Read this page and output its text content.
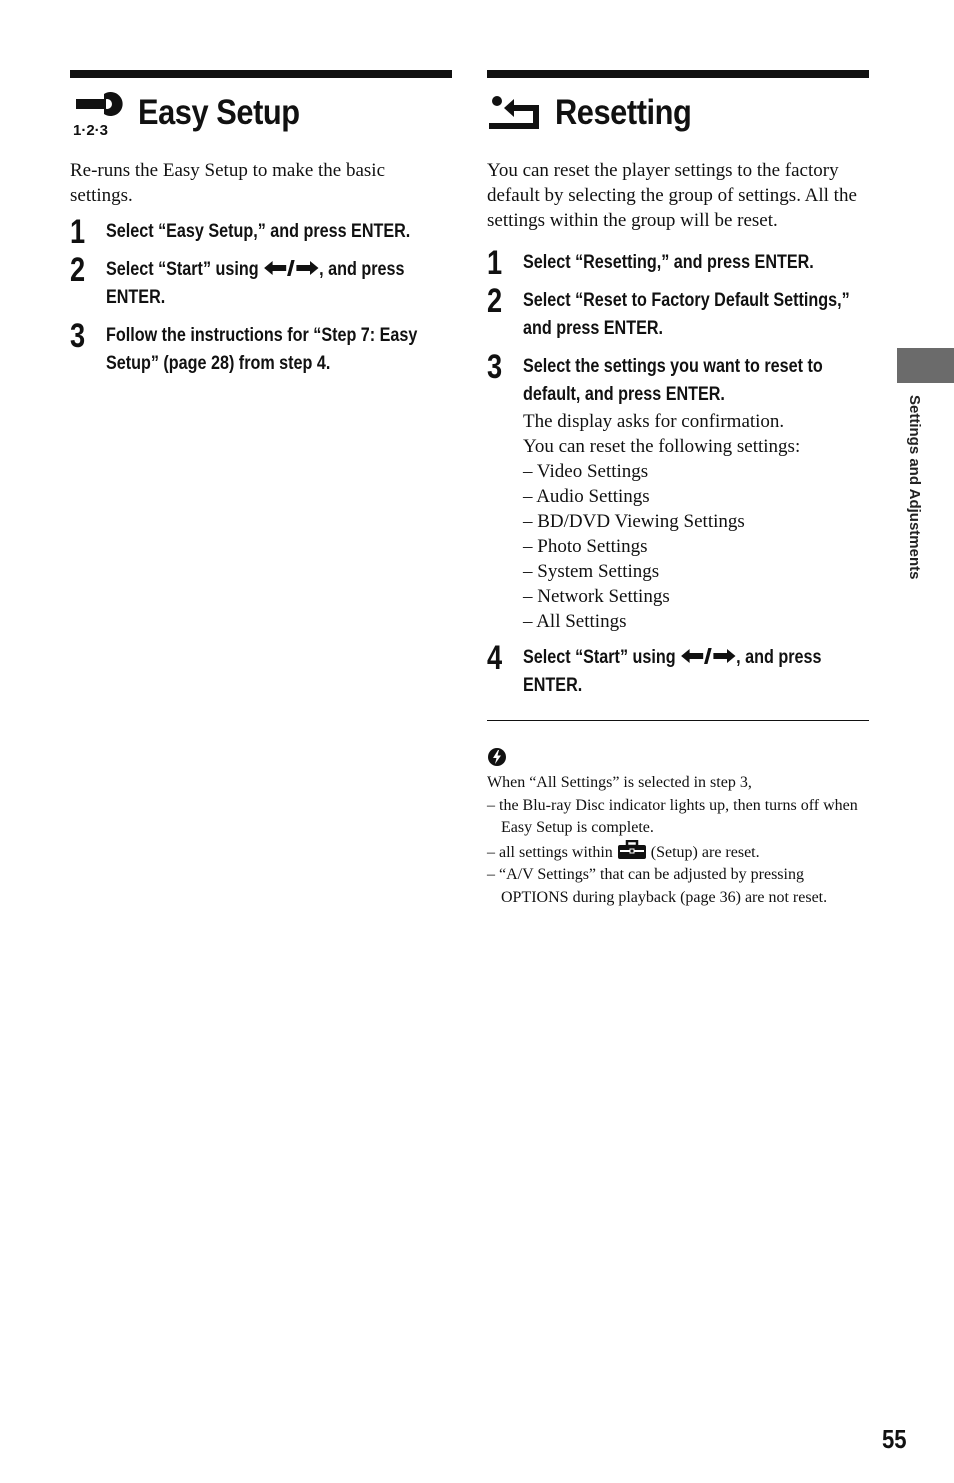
1·2·3 Easy Setup

Re-runs the Easy Setup to make the basic settings.

1 Select “Easy Setup,” and press ENTER.
2 Select “Start” using	, and press ENTER.
3 Follow the instructions for “Step 7: Easy Setup” (page 28) from step 4.
Resetting

You can reset the player settings to the factory default by selecting the group of settings. All the settings within the group will be reset.

1 Select “Resetting,” and press ENTER.
2 Select “Reset to Factory Default Settings,” and press ENTER.
3 Select the settings you want to reset to default, and press ENTER.
The display asks for confirmation.
You can reset the following settings:
– Video Settings
– Audio Settings
– BD/DVD Viewing Settings
– Photo Settings
– System Settings
– Network Settings
– All Settings
4 Select “Start” using	, and press ENTER.
When “All Settings” is selected in step 3,
– the Blu-ray Disc indicator lights up, then turns off when Easy Setup is complete.
– all settings within  (Setup) are reset.
– “A/V Settings” that can be adjusted by pressing OPTIONS during playback (page 36) are not reset.
Settings and Adjustments
55
